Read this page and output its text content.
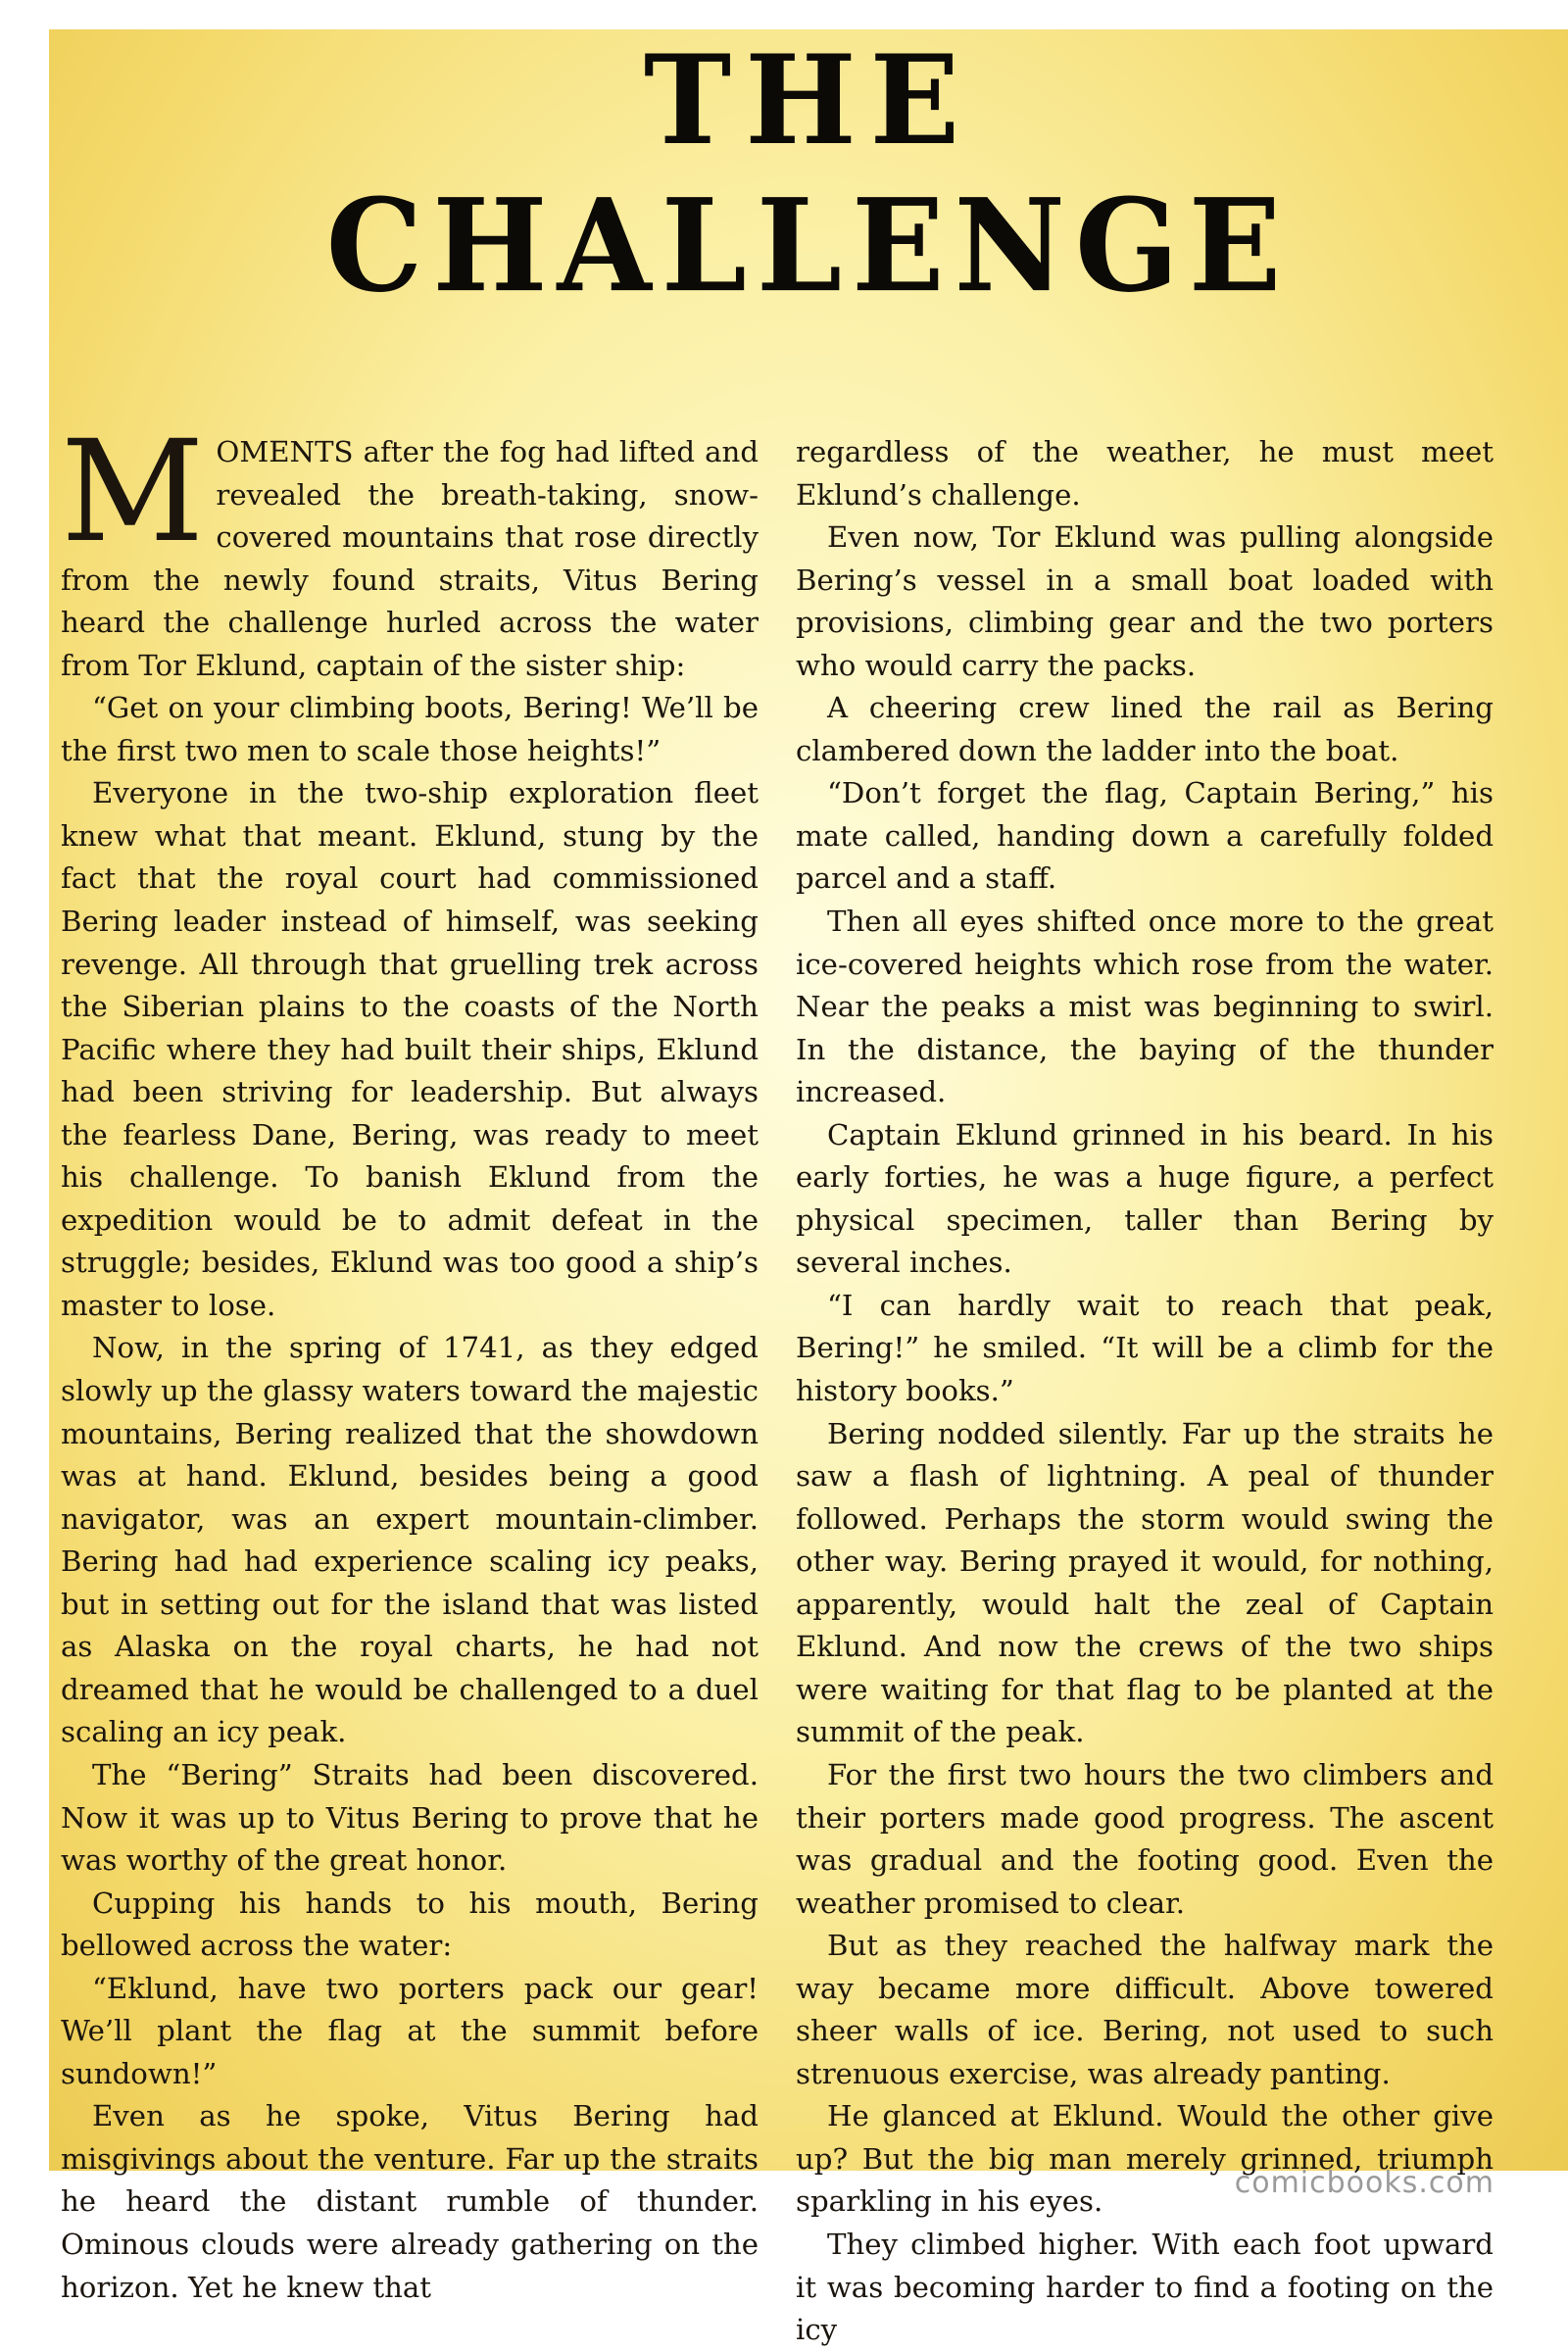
THE
CHALLENGE

MOMENTS after the fog had lifted and revealed the breath-taking, snow-covered mountains that rose directly from the newly found straits, Vitus Bering heard the challenge hurled across the water from Tor Eklund, captain of the sister ship:

“Get on your climbing boots, Bering! We’ll be the first two men to scale those heights!”

Everyone in the two-ship exploration fleet knew what that meant. Eklund, stung by the fact that the royal court had commissioned Bering leader instead of himself, was seeking revenge. All through that gruelling trek across the Siberian plains to the coasts of the North Pacific where they had built their ships, Eklund had been striving for leadership. But always the fearless Dane, Bering, was ready to meet his challenge. To banish Eklund from the expedition would be to admit defeat in the struggle; besides, Eklund was too good a ship’s master to lose.

Now, in the spring of 1741, as they edged slowly up the glassy waters toward the majestic mountains, Bering realized that the showdown was at hand. Eklund, besides being a good navigator, was an expert mountain-climber. Bering had had experience scaling icy peaks, but in setting out for the island that was listed as Alaska on the royal charts, he had not dreamed that he would be challenged to a duel scaling an icy peak.

The “Bering” Straits had been discovered. Now it was up to Vitus Bering to prove that he was worthy of the great honor.

Cupping his hands to his mouth, Bering bellowed across the water:

“Eklund, have two porters pack our gear! We’ll plant the flag at the summit before sundown!”

Even as he spoke, Vitus Bering had misgivings about the venture. Far up the straits he heard the distant rumble of thunder. Ominous clouds were already gathering on the horizon. Yet he knew that

regardless of the weather, he must meet Eklund’s challenge.

Even now, Tor Eklund was pulling alongside Bering’s vessel in a small boat loaded with provisions, climbing gear and the two porters who would carry the packs.

A cheering crew lined the rail as Bering clambered down the ladder into the boat.

“Don’t forget the flag, Captain Bering,” his mate called, handing down a carefully folded parcel and a staff.

Then all eyes shifted once more to the great ice-covered heights which rose from the water. Near the peaks a mist was beginning to swirl. In the distance, the baying of the thunder increased.

Captain Eklund grinned in his beard. In his early forties, he was a huge figure, a perfect physical specimen, taller than Bering by several inches.

“I can hardly wait to reach that peak, Bering!” he smiled. “It will be a climb for the history books.”

Bering nodded silently. Far up the straits he saw a flash of lightning. A peal of thunder followed. Perhaps the storm would swing the other way. Bering prayed it would, for nothing, apparently, would halt the zeal of Captain Eklund. And now the crews of the two ships were waiting for that flag to be planted at the summit of the peak.

For the first two hours the two climbers and their porters made good progress. The ascent was gradual and the footing good. Even the weather promised to clear.

But as they reached the halfway mark the way became more difficult. Above towered sheer walls of ice. Bering, not used to such strenuous exercise, was already panting.

He glanced at Eklund. Would the other give up? But the big man merely grinned, triumph sparkling in his eyes.

They climbed higher. With each foot upward it was becoming harder to find a footing on the icy

comicbooks.com
